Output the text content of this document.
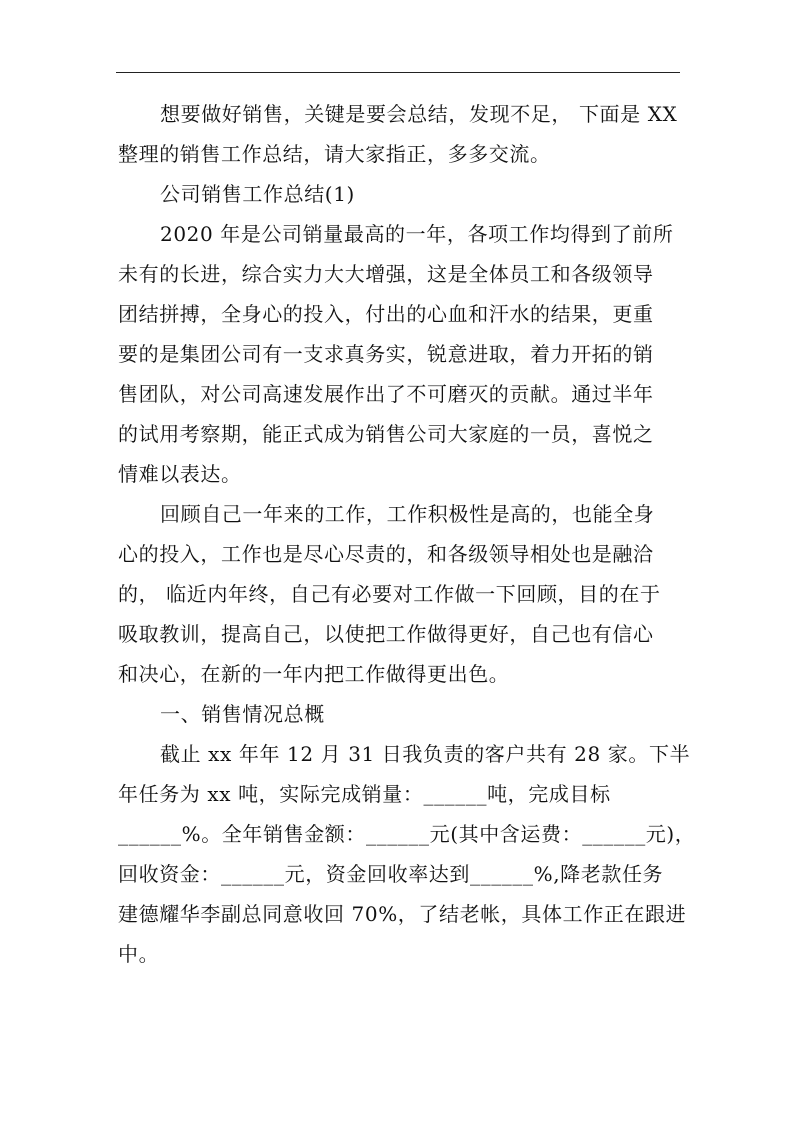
想要做好销售，关键是要会总结，发现不足， 下面是 XX
整理的销售工作总结，请大家指正，多多交流。
公司销售工作总结(1)
2020 年是公司销量最高的一年，各项工作均得到了前所
未有的长进，综合实力大大增强，这是全体员工和各级领导
团结拼搏，全身心的投入，付出的心血和汗水的结果，更重
要的是集团公司有一支求真务实，锐意进取，着力开拓的销
售团队，对公司高速发展作出了不可磨灭的贡献。通过半年
的试用考察期，能正式成为销售公司大家庭的一员，喜悦之
情难以表达。
回顾自己一年来的工作，工作积极性是高的，也能全身
心的投入，工作也是尽心尽责的，和各级领导相处也是融洽
的， 临近内年终，自己有必要对工作做一下回顾，目的在于
吸取教训，提高自己，以使把工作做得更好，自己也有信心
和决心，在新的一年内把工作做得更出色。
一、销售情况总概
截止 xx 年年 12 月 31 日我负责的客户共有 28 家。下半
年任务为 xx 吨，实际完成销量：______吨，完成目标
______%。全年销售金额：______元(其中含运费：______元)，
回收资金：______元，资金回收率达到______%,降老款任务
建德耀华李副总同意收回 70%，了结老帐，具体工作正在跟进
中。
